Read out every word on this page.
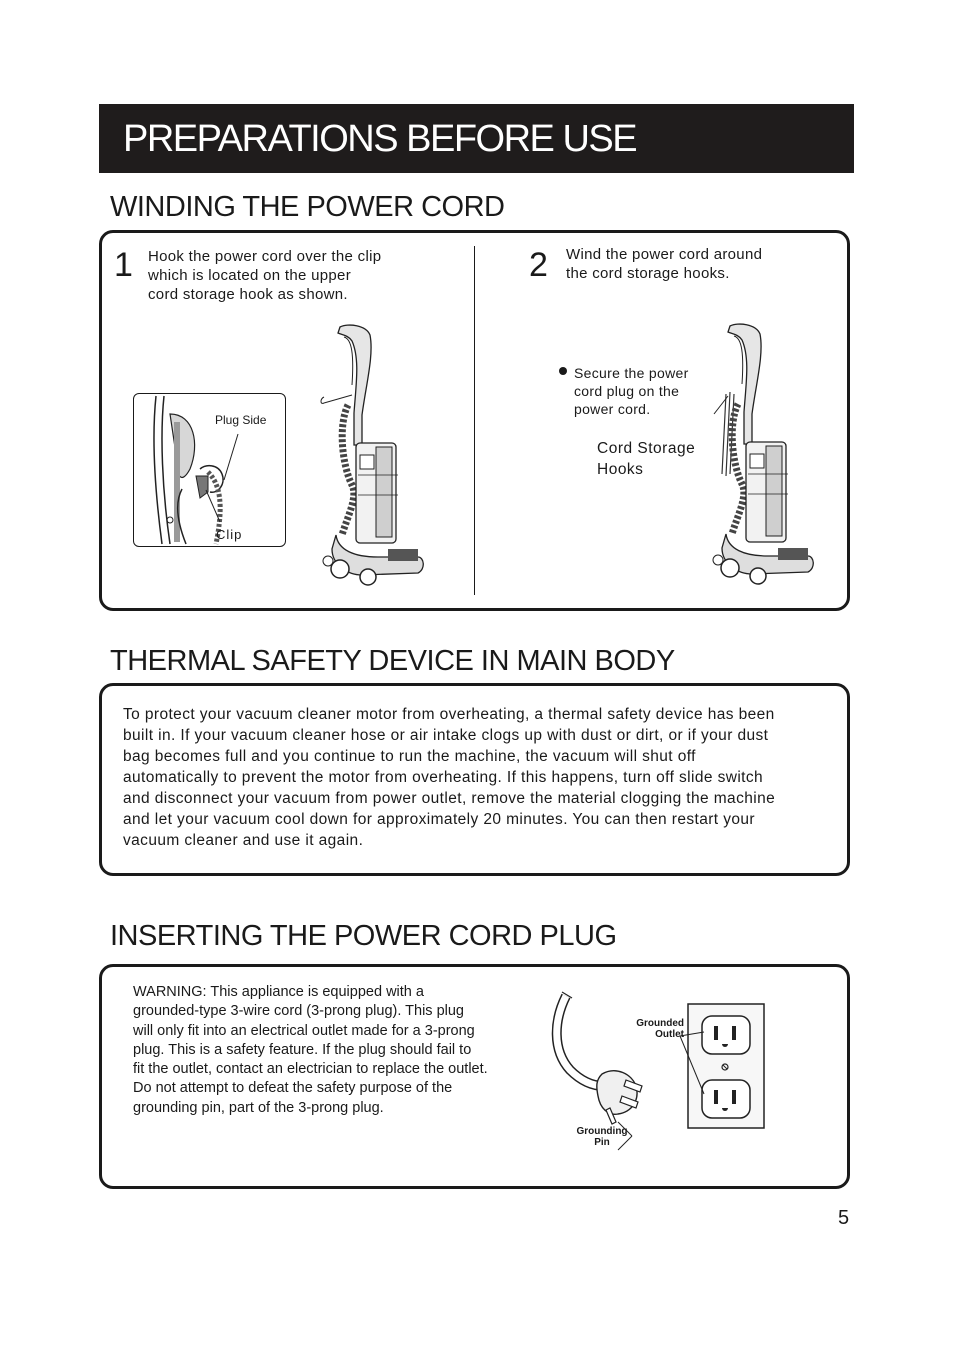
PREPARATIONS BEFORE USE
WINDING THE POWER CORD
1 Hook the power cord over the clip
which is located on the upper
cord storage hook as shown.
Plug Side
Clip
2 Wind the power cord around
the cord storage hooks.
Secure the power
cord plug on the
power cord.
Cord Storage
Hooks
THERMAL SAFETY DEVICE IN MAIN BODY
To protect your vacuum cleaner motor from overheating, a thermal safety device has been
built in. If your vacuum cleaner hose or air intake clogs up with dust or dirt, or if your dust
bag becomes full and you continue to run the machine, the vacuum will shut off
automatically to prevent the motor from overheating. If this happens, turn off slide switch
and disconnect your vacuum from power outlet, remove the material clogging the machine
and let your vacuum cool down for approximately 20 minutes. You can then restart your
vacuum cleaner and use it again.
INSERTING THE POWER CORD PLUG
WARNING: This appliance is equipped with a
grounded-type 3-wire cord (3-prong plug). This plug
will only fit into an electrical outlet made for a 3-prong
plug. This is a safety feature. If the plug should fail to
fit the outlet, contact an electrician to replace the outlet.
Do not attempt to defeat the safety purpose of the
grounding pin, part of the 3-prong plug.
Grounded
Outlet
Grounding
Pin
5
